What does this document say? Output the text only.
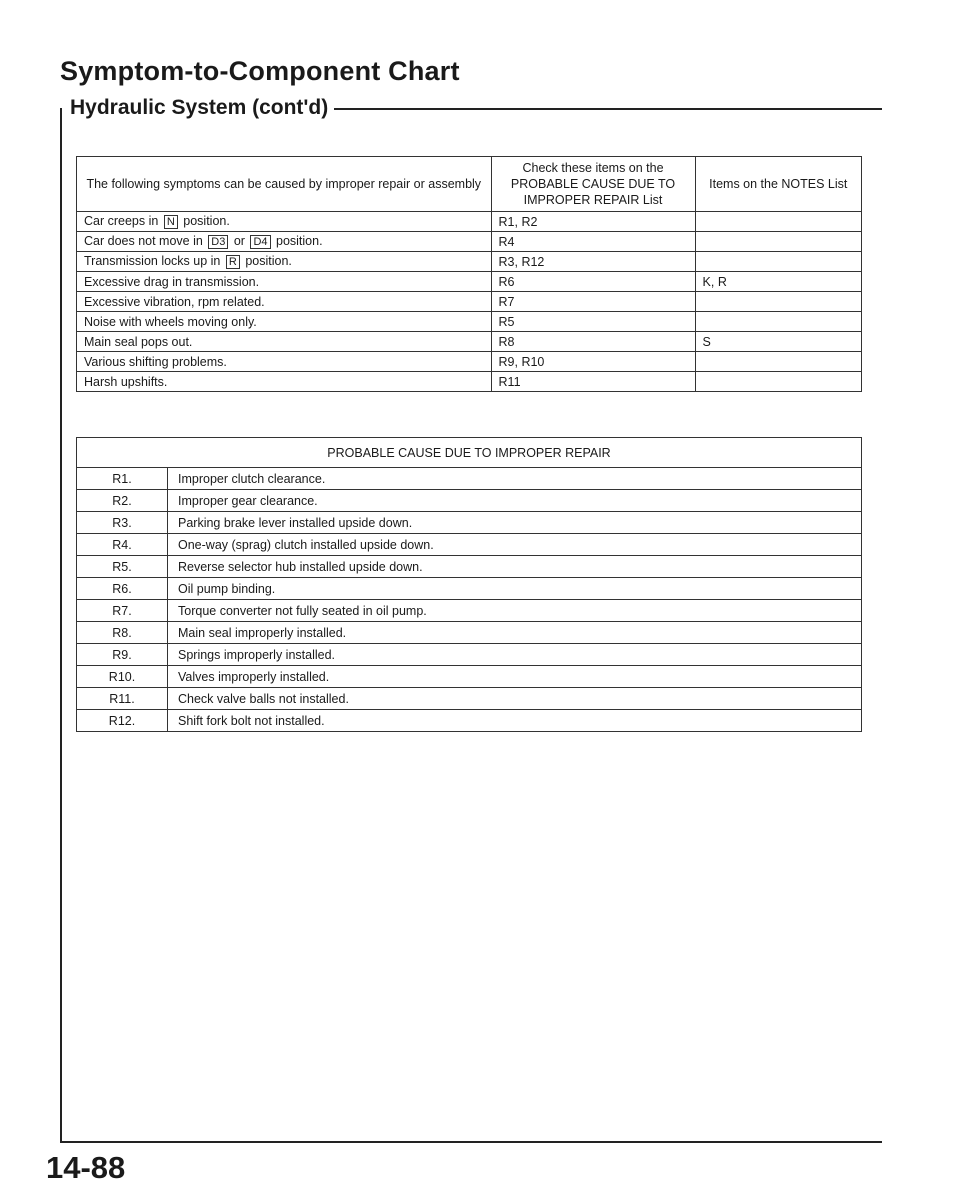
Symptom-to-Component Chart
Hydraulic System (cont'd)
The following symptoms can be caused by improper repair or assembly	Check these items on the PROBABLE CAUSE DUE TO IMPROPER REPAIR List	Items on the NOTES List
Car creeps in N position.	R1, R2	
Car does not move in D3 or D4 position.	R4	
Transmission locks up in R position.	R3, R12	
Excessive drag in transmission.	R6	K, R
Excessive vibration, rpm related.	R7	
Noise with wheels moving only.	R5	
Main seal pops out.	R8	S
Various shifting problems.	R9, R10	
Harsh upshifts.	R11	
PROBABLE CAUSE DUE TO IMPROPER REPAIR	
R1.	Improper clutch clearance.
R2.	Improper gear clearance.
R3.	Parking brake lever installed upside down.
R4.	One-way (sprag) clutch installed upside down.
R5.	Reverse selector hub installed upside down.
R6.	Oil pump binding.
R7.	Torque converter not fully seated in oil pump.
R8.	Main seal improperly installed.
R9.	Springs improperly installed.
R10.	Valves improperly installed.
R11.	Check valve balls not installed.
R12.	Shift fork bolt not installed.
14-88
